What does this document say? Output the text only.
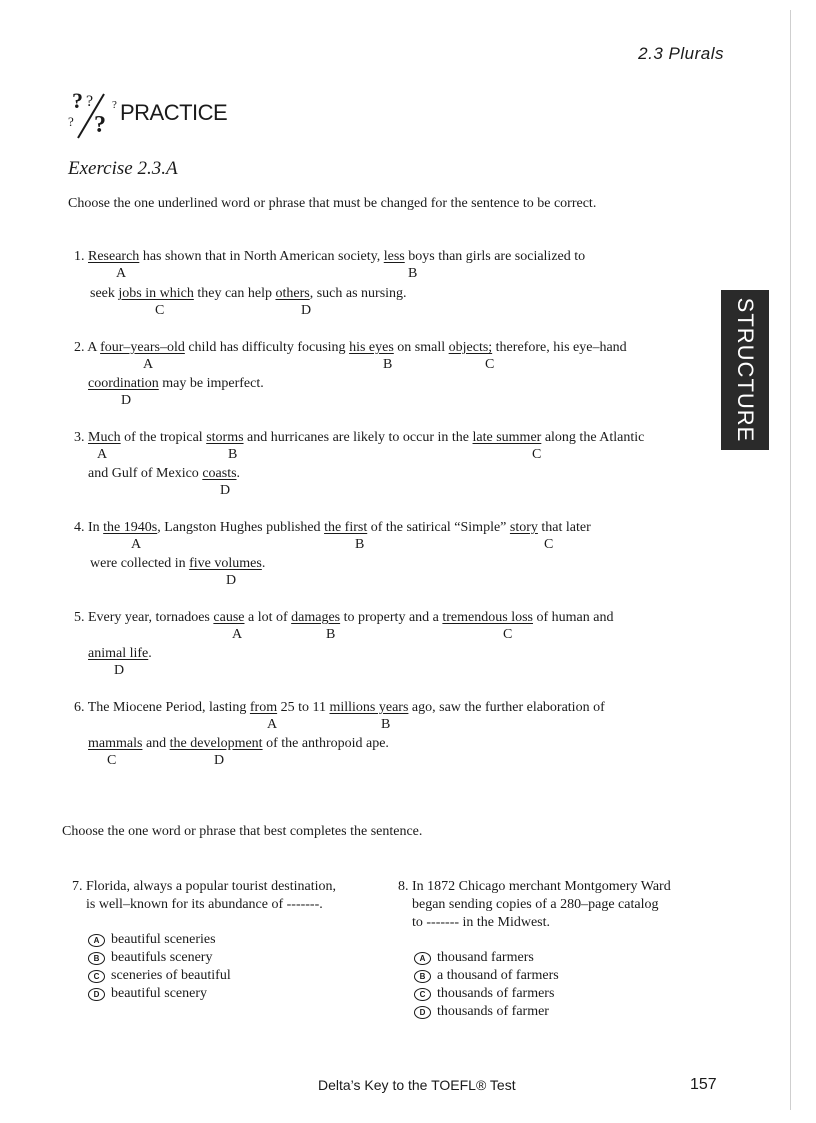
2.3 Plurals
STRUCTURE
? ?
? ?
? PRACTICE
Exercise 2.3.A
Choose the one underlined word or phrase that must be changed for the sentence to be correct.
1. Research has shown that in North American society, less boys than girls are socialized to
A	B
seek jobs in which they can help others, such as nursing.
C	D
2. A four–years–old child has difficulty focusing his eyes on small objects; therefore, his eye–hand
A	B	C
coordination may be imperfect.
D
3. Much of the tropical storms and hurricanes are likely to occur in the late summer along the Atlantic
A	B	C
and Gulf of Mexico coasts.
D
4. In the 1940s, Langston Hughes published the first of the satirical “Simple” story that later
A	B	C
were collected in five volumes.
D
5. Every year, tornadoes cause a lot of damages to property and a tremendous loss of human and
A	B	C
animal life.
D
6. The Miocene Period, lasting from 25 to 11 millions years ago, saw the further elaboration of
A	B
mammals and the development of the anthropoid ape.
C	D
Choose the one word or phrase that best completes the sentence.
7. Florida, always a popular tourist destination,
is well–known for its abundance of -------.
A beautiful sceneries
B beautifuls scenery
C sceneries of beautiful
D beautiful scenery
8. In 1872 Chicago merchant Montgomery Ward
began sending copies of a 280–page catalog
to ------- in the Midwest.
A thousand farmers
B a thousand of farmers
C thousands of farmers
D thousands of farmer
Delta’s Key to the TOEFL® Test	157
